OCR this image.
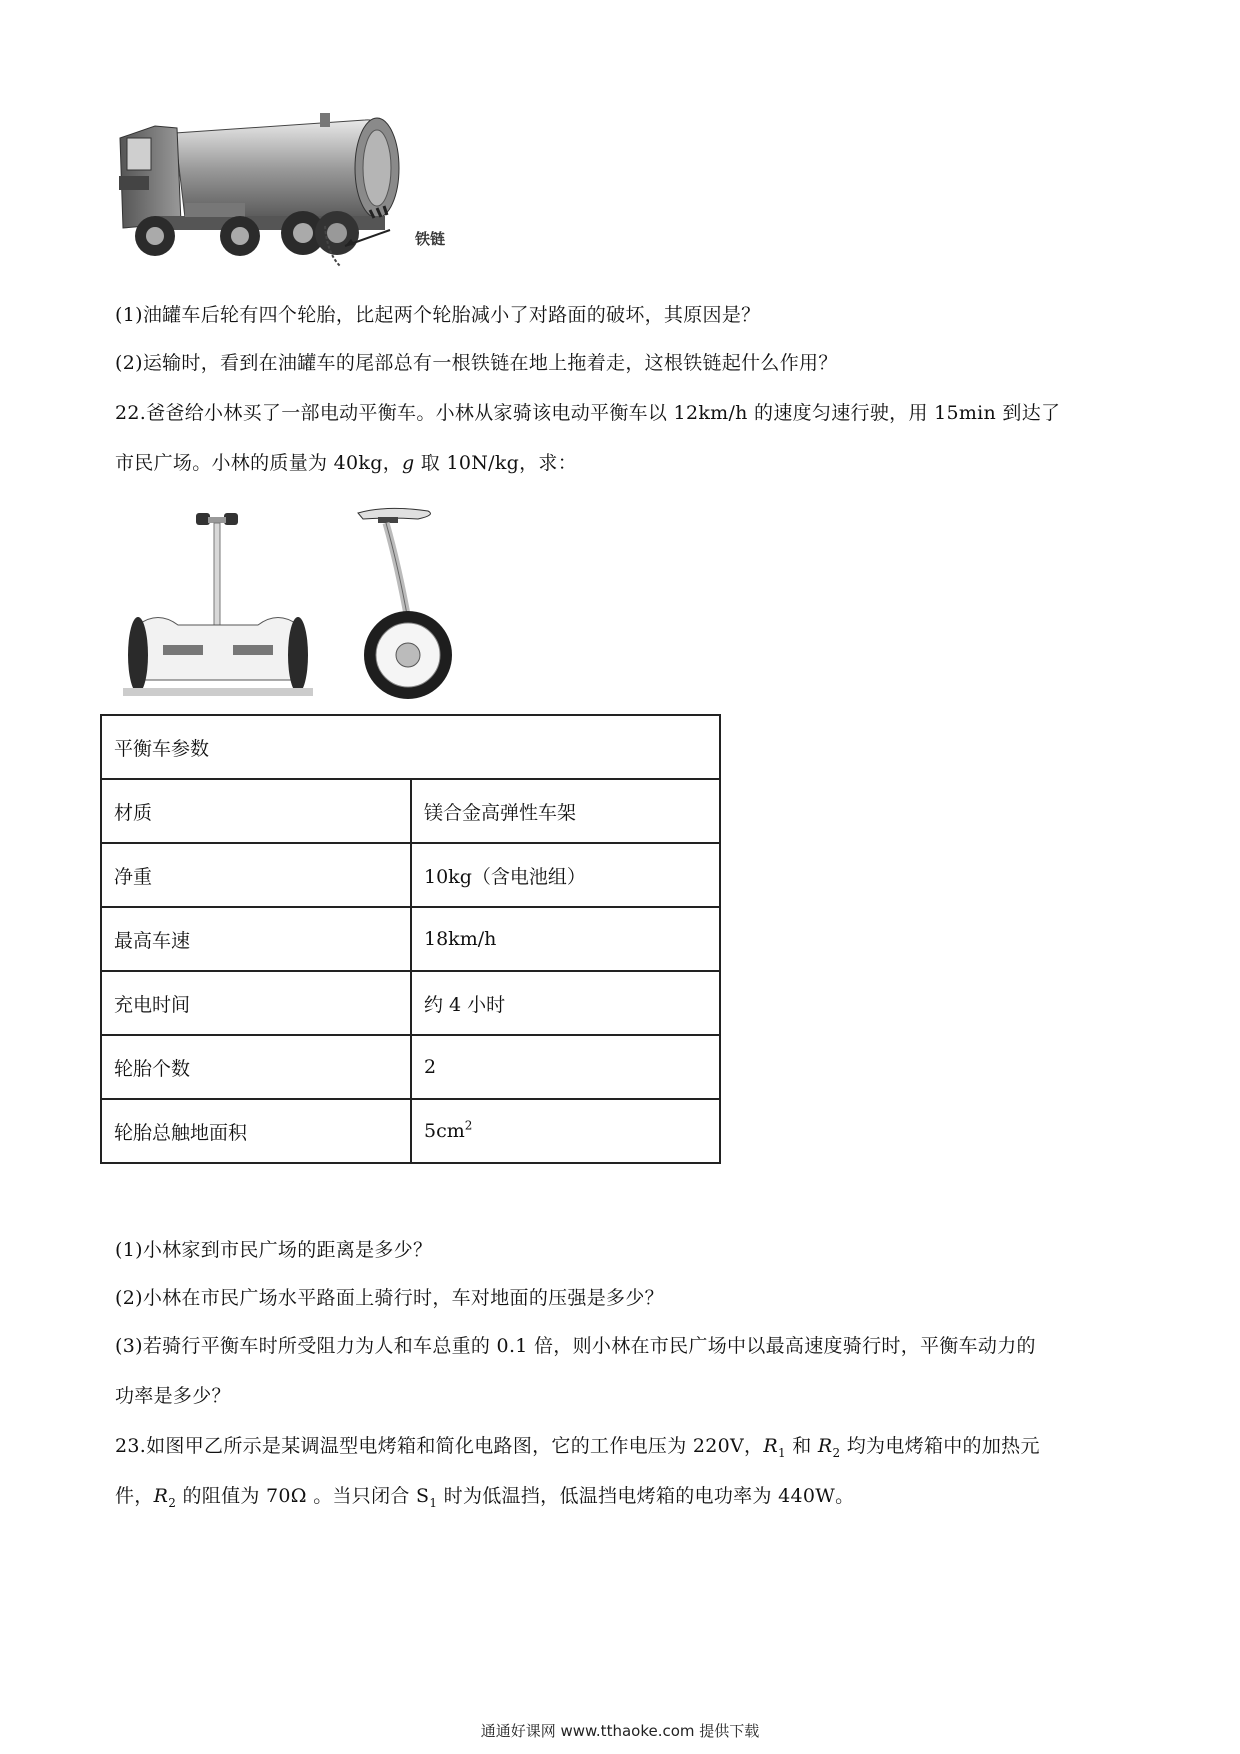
铁链
(1)油罐车后轮有四个轮胎，比起两个轮胎减小了对路面的破坏，其原因是？
(2)运输时，看到在油罐车的尾部总有一根铁链在地上拖着走，这根铁链起什么作用？
22.爸爸给小林买了一部电动平衡车。小林从家骑该电动平衡车以 12km/h 的速度匀速行驶，用 15min 到达了
市民广场。小林的质量为 40kg，g 取 10N/kg，求：
平衡车参数	
材质	镁合金高弹性车架
净重	10kg（含电池组）
最高车速	18km/h
充电时间	约 4 小时
轮胎个数	2
轮胎总触地面积	$5cm^2$
(1)小林家到市民广场的距离是多少？
(2)小林在市民广场水平路面上骑行时，车对地面的压强是多少？
(3)若骑行平衡车时所受阻力为人和车总重的 0.1 倍，则小林在市民广场中以最高速度骑行时，平衡车动力的
功率是多少？
23.如图甲乙所示是某调温型电烤箱和简化电路图，它的工作电压为 220V，$R_1$ 和 $R_2$ 均为电烤箱中的加热元
件，$R_2$ 的阻值为 70Ω 。当只闭合 $S_1$ 时为低温挡，低温挡电烤箱的电功率为 440W。
通通好课网 www.tthaoke.com 提供下载
